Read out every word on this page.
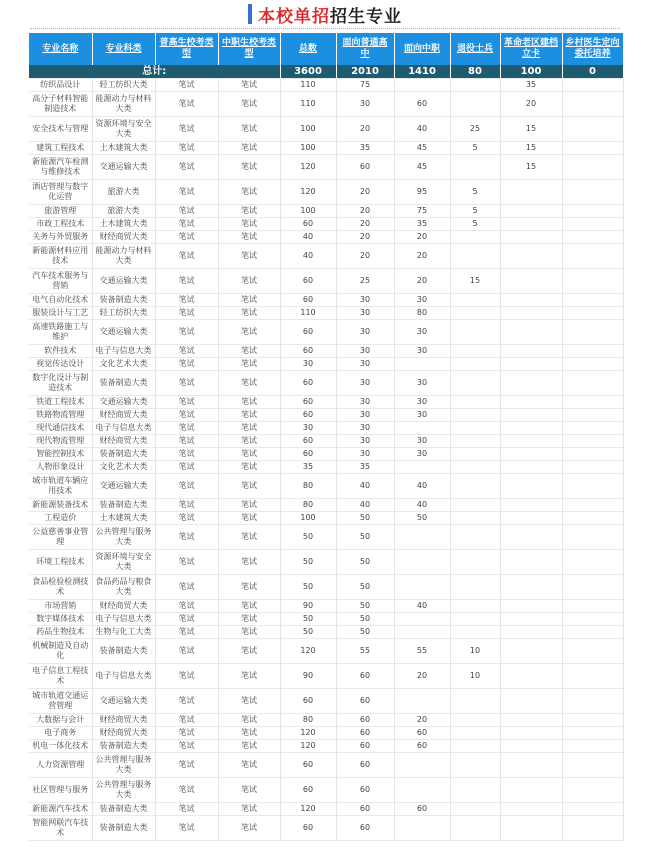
本校单招招生专业
专业名称	专业科类	普高生校考类型	中职生校考类型	总数	面向普通高中	面向中职	退役士兵	革命老区建档立卡	乡村医生定向委托培养
总计:				3600	2010	1410	80	100	0
纺织品设计	轻工纺织大类	笔试	笔试	110	75			35	
高分子材料智能制造技术	能源动力与材料大类	笔试	笔试	110	30	60		20	
安全技术与管理	资源环境与安全大类	笔试	笔试	100	20	40	25	15	
建筑工程技术	土木建筑大类	笔试	笔试	100	35	45	5	15	
新能源汽车检测与维修技术	交通运输大类	笔试	笔试	120	60	45		15	
酒店管理与数字化运营	旅游大类	笔试	笔试	120	20	95	5		
旅游管理	旅游大类	笔试	笔试	100	20	75	5		
市政工程技术	土木建筑大类	笔试	笔试	60	20	35	5		
关务与外贸服务	财经商贸大类	笔试	笔试	40	20	20			
新能源材料应用技术	能源动力与材料大类	笔试	笔试	40	20	20			
汽车技术服务与营销	交通运输大类	笔试	笔试	60	25	20	15		
电气自动化技术	装备制造大类	笔试	笔试	60	30	30			
服装设计与工艺	轻工纺织大类	笔试	笔试	110	30	80			
高速铁路施工与维护	交通运输大类	笔试	笔试	60	30	30			
软件技术	电子与信息大类	笔试	笔试	60	30	30			
视觉传达设计	文化艺术大类	笔试	笔试	30	30				
数字化设计与制造技术	装备制造大类	笔试	笔试	60	30	30			
铁道工程技术	交通运输大类	笔试	笔试	60	30	30			
铁路物流管理	财经商贸大类	笔试	笔试	60	30	30			
现代通信技术	电子与信息大类	笔试	笔试	30	30				
现代物流管理	财经商贸大类	笔试	笔试	60	30	30			
智能控制技术	装备制造大类	笔试	笔试	60	30	30			
人物形象设计	文化艺术大类	笔试	笔试	35	35				
城市轨道车辆应用技术	交通运输大类	笔试	笔试	80	40	40			
新能源装备技术	装备制造大类	笔试	笔试	80	40	40			
工程造价	土木建筑大类	笔试	笔试	100	50	50			
公益慈善事业管理	公共管理与服务大类	笔试	笔试	50	50				
环境工程技术	资源环境与安全大类	笔试	笔试	50	50				
食品检验检测技术	食品药品与粮食大类	笔试	笔试	50	50				
市场营销	财经商贸大类	笔试	笔试	90	50	40			
数字媒体技术	电子与信息大类	笔试	笔试	50	50				
药品生物技术	生物与化工大类	笔试	笔试	50	50				
机械制造及自动化	装备制造大类	笔试	笔试	120	55	55	10		
电子信息工程技术	电子与信息大类	笔试	笔试	90	60	20	10		
城市轨道交通运营管理	交通运输大类	笔试	笔试	60	60				
大数据与会计	财经商贸大类	笔试	笔试	80	60	20			
电子商务	财经商贸大类	笔试	笔试	120	60	60			
机电一体化技术	装备制造大类	笔试	笔试	120	60	60			
人力资源管理	公共管理与服务大类	笔试	笔试	60	60				
社区管理与服务	公共管理与服务大类	笔试	笔试	60	60				
新能源汽车技术	装备制造大类	笔试	笔试	120	60	60			
智能网联汽车技术	装备制造大类	笔试	笔试	60	60				
